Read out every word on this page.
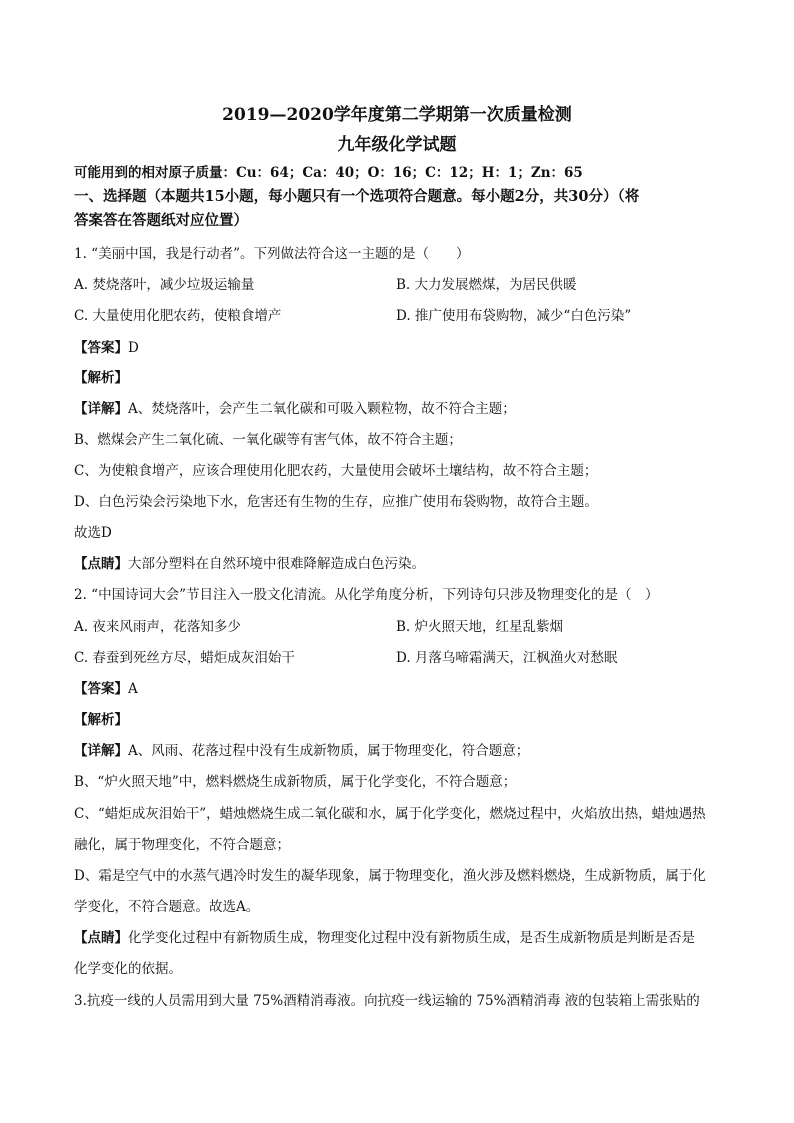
2019—2020学年度第二学期第一次质量检测
九年级化学试题
可能用到的相对原子质量：Cu：64；Ca：40；O：16；C：12；H：1；Zn：65
一、选择题（本题共15小题，每小题只有一个选项符合题意。每小题2分，共30分）（将
答案答在答题纸对应位置）
1. “美丽中国，我是行动者”。下列做法符合这一主题的是（　　）
A. 焚烧落叶，减少垃圾运输量	B. 大力发展燃煤，为居民供暖
C. 大量使用化肥农药，使粮食增产	D. 推广使用布袋购物，减少“白色污染”
【答案】D
【解析】
【详解】A、焚烧落叶，会产生二氧化碳和可吸入颗粒物，故不符合主题；
B、燃煤会产生二氧化硫、一氧化碳等有害气体，故不符合主题；
C、为使粮食增产，应该合理使用化肥农药，大量使用会破坏土壤结构，故不符合主题；
D、白色污染会污染地下水，危害还有生物的生存，应推广使用布袋购物，故符合主题。
故选D
【点睛】大部分塑料在自然环境中很难降解造成白色污染。
2. “中国诗词大会”节目注入一股文化清流。从化学角度分析，下列诗句只涉及物理变化的是（　）
A. 夜来风雨声，花落知多少	B. 炉火照天地，红星乱紫烟
C. 春蚕到死丝方尽，蜡炬成灰泪始干	D. 月落乌啼霜满天，江枫渔火对愁眠
【答案】A
【解析】
【详解】A、风雨、花落过程中没有生成新物质，属于物理变化，符合题意；
B、“炉火照天地”中，燃料燃烧生成新物质，属于化学变化，不符合题意；
C、“蜡炬成灰泪始干”，蜡烛燃烧生成二氧化碳和水，属于化学变化，燃烧过程中，火焰放出热，蜡烛遇热
融化，属于物理变化，不符合题意；
D、霜是空气中的水蒸气遇冷时发生的凝华现象，属于物理变化，渔火涉及燃料燃烧，生成新物质，属于化
学变化，不符合题意。故选A。
【点睛】化学变化过程中有新物质生成，物理变化过程中没有新物质生成，是否生成新物质是判断是否是
化学变化的依据。
3.抗疫一线的人员需用到大量 75%酒精消毒液。向抗疫一线运输的 75%酒精消毒 液的包装箱上需张贴的
